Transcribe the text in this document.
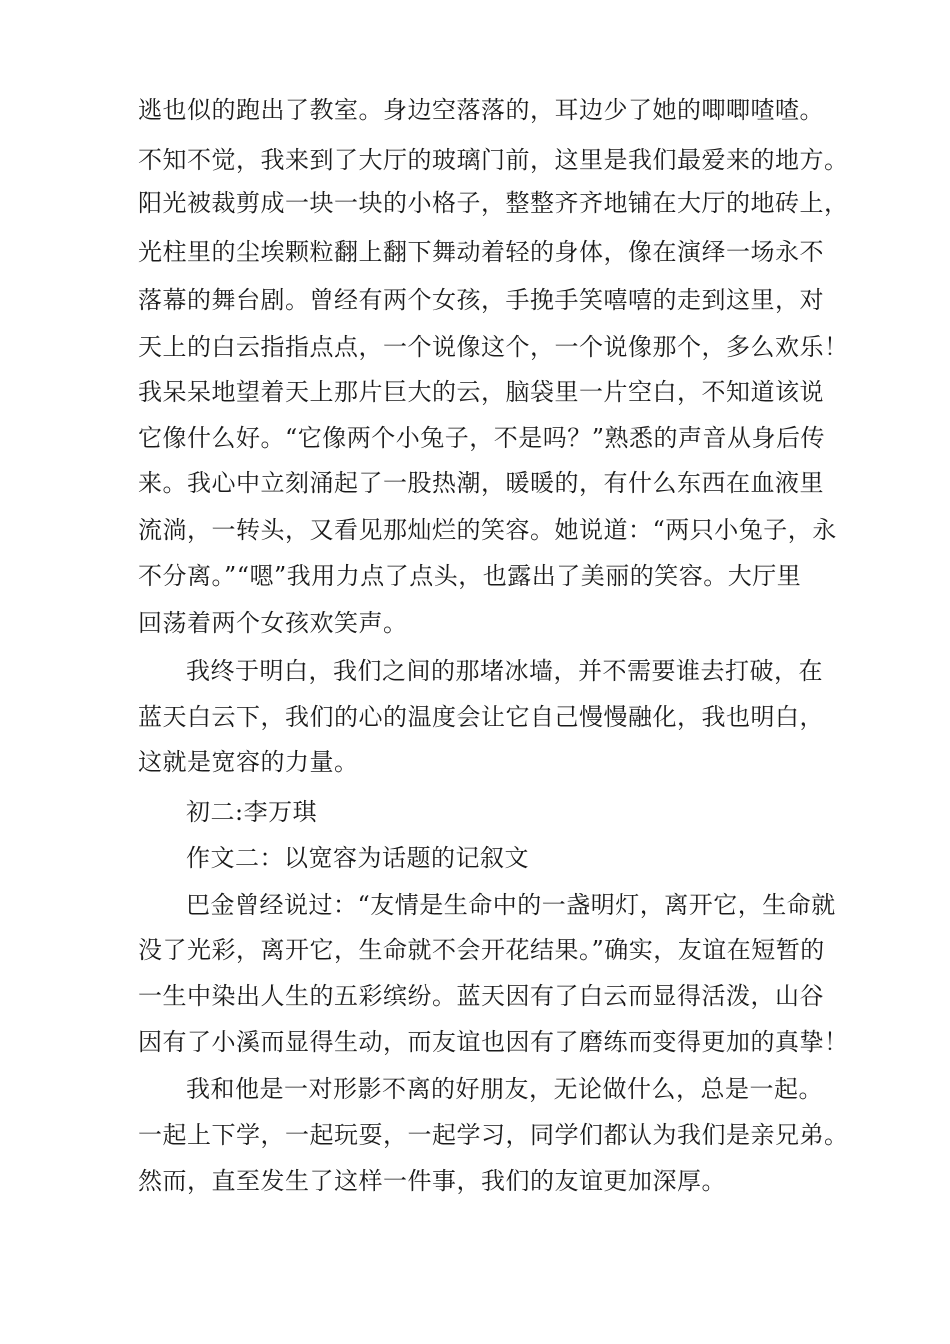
逃也似的跑出了教室。身边空落落的，耳边少了她的唧唧喳喳。
不知不觉，我来到了大厅的玻璃门前，这里是我们最爱来的地方。
阳光被裁剪成一块一块的小格子，整整齐齐地铺在大厅的地砖上，
光柱里的尘埃颗粒翻上翻下舞动着轻的身体，像在演绎一场永不
落幕的舞台剧。曾经有两个女孩，手挽手笑嘻嘻的走到这里，对
天上的白云指指点点，一个说像这个，一个说像那个，多么欢乐！
我呆呆地望着天上那片巨大的云，脑袋里一片空白，不知道该说
它像什么好。“它像两个小兔子，不是吗？”熟悉的声音从身后传
来。我心中立刻涌起了一股热潮，暖暖的，有什么东西在血液里
流淌，一转头，又看见那灿烂的笑容。她说道：“两只小兔子，永
不分离。”“嗯”我用力点了点头，也露出了美丽的笑容。大厅里
回荡着两个女孩欢笑声。
我终于明白，我们之间的那堵冰墙，并不需要谁去打破，在
蓝天白云下，我们的心的温度会让它自己慢慢融化，我也明白，
这就是宽容的力量。
初二:李万琪
作文二：以宽容为话题的记叙文
巴金曾经说过：“友情是生命中的一盏明灯，离开它，生命就
没了光彩，离开它，生命就不会开花结果。”确实，友谊在短暂的
一生中染出人生的五彩缤纷。蓝天因有了白云而显得活泼，山谷
因有了小溪而显得生动，而友谊也因有了磨练而变得更加的真挚！
我和他是一对形影不离的好朋友，无论做什么，总是一起。
一起上下学，一起玩耍，一起学习，同学们都认为我们是亲兄弟。
然而，直至发生了这样一件事，我们的友谊更加深厚。
